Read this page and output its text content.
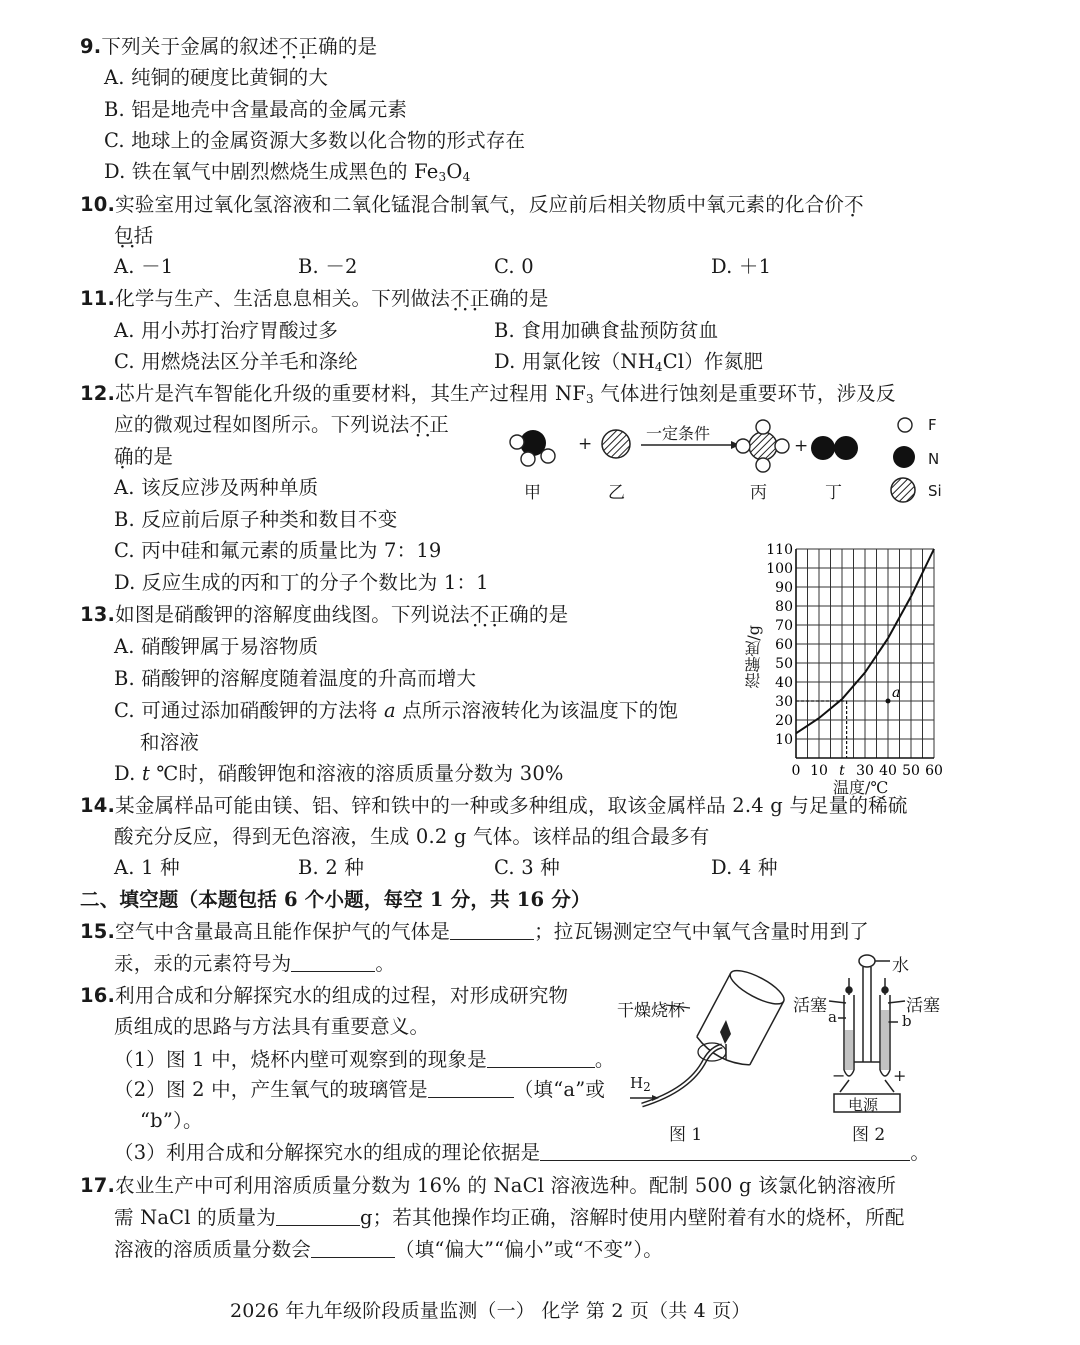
9.下列关于金属的叙述不正确 · · ·的是
A. 纯铜的硬度比黄铜的大
B. 铝是地壳中含量最高的金属元素
C. 地球上的金属资源大多数以化合物的形式存在
D. 铁在氧气中剧烈燃烧生成黑色的 $Fe_3O_4$
10.实验室用过氧化氢溶液和二氧化锰混合制氧气，反应前后相关物质中氧元素的化合价不
包括 · ·
A. －1	B. －2	C. 0	D. ＋1
11.化学与生产、生活息息相关。下列做法不正确 · · ·的是
A. 用小苏打治疗胃酸过多	B. 食用加碘食盐预防贫血
C. 用燃烧法区分羊毛和涤纶	D. 用氯化铵$(NH_4Cl)$作氮肥
12.芯片是汽车智能化升级的重要材料，其生产过程用 $NF_3$ 气体进行蚀刻是重要环节，涉及反
应的微观过程如图所示。下列说法不正 · ·
确的是
A. 该反应涉及两种单质
B. 反应前后原子种类和数目不变
C. 丙中硅和氟元素的质量比为 7：19
D. 反应生成的丙和丁的分子个数比为 1：1
+	+
一定条件
甲	乙	丙	丁
F
N
Si
13.如图是硝酸钾的溶解度曲线图。下列说法不正确 · · ·的是
A. 硝酸钾属于易溶物质
B. 硝酸钾的溶解度随着温度的升高而增大
C. 可通过添加硝酸钾的方法将 a 点所示溶液转化为该温度下的饱
和溶液
D. t ℃时，硝酸钾饱和溶液的溶质质量分数为 30%
10
20
30
40
50
60
70
80
90
100
110
0 10 t 30 40 50 60
a
溶解度/g
温度/℃
14.某金属样品可能由镁、铝、锌和铁中的一种或多种组成，取该金属样品 2.4 g 与足量的稀硫
酸充分反应，得到无色溶液，生成 0.2 g 气体。该样品的组合最多有
A. 1 种	B. 2 种	C. 3 种	D. 4 种
二、填空题（本题包括 6 个小题，每空 1 分，共 16 分）
15.空气中含量最高且能作保护气的气体是	；拉瓦锡测定空气中氧气含量时用到了
汞，汞的元素符号为	。
16.利用合成和分解探究水的组成的过程，对形成研究物
质组成的思路与方法具有重要意义。
（1）图 1 中，烧杯内壁可观察到的现象是	。
（2）图 2 中，产生氧气的玻璃管是	（填“a”或
“b”）。
（3）利用合成和分解探究水的组成的理论依据是	。
干燥烧杯
$H_2$
图 1
水
活塞	活塞
a	b
−	+
电源
图 2
17.农业生产中可利用溶质质量分数为 16% 的 NaCl 溶液选种。配制 500 g 该氯化钠溶液所
需 NaCl 的质量为	g；若其他操作均正确，溶解时使用内壁附着有水的烧杯，所配
溶液的溶质质量分数会	（填“偏大”“偏小”或“不变”）。
2026 年九年级阶段质量监测（一） 化学 第 2 页（共 4 页）
